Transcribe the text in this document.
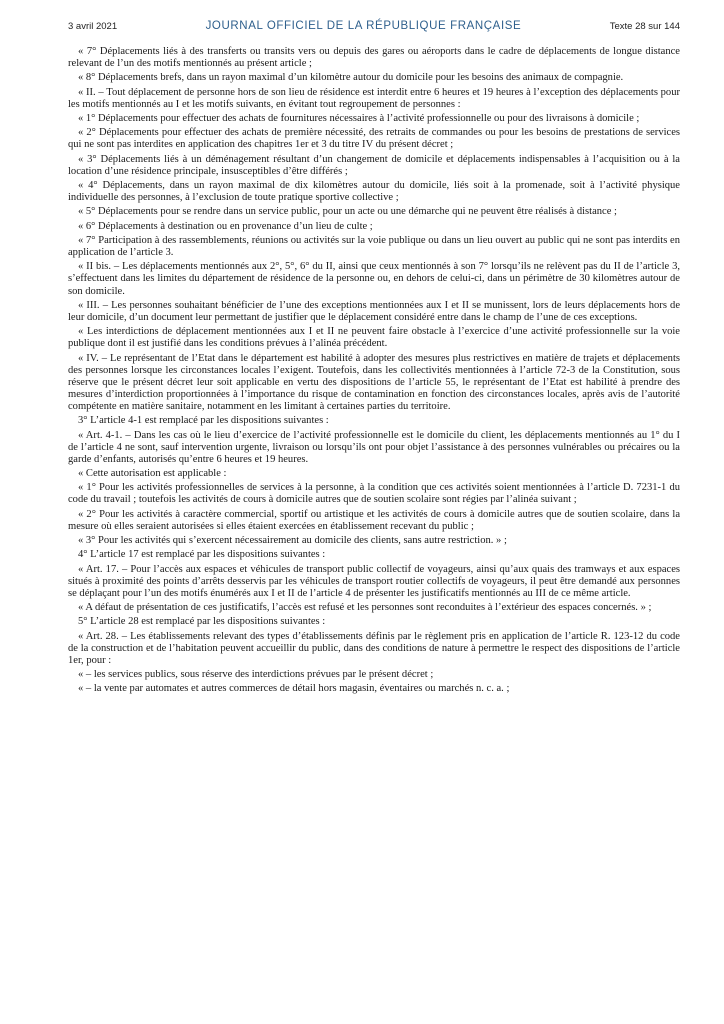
3 avril 2021	JOURNAL OFFICIEL DE LA RÉPUBLIQUE FRANÇAISE	Texte 28 sur 144

« 7° Déplacements liés à des transferts ou transits vers ou depuis des gares ou aéroports dans le cadre de déplacements de longue distance relevant de l’un des motifs mentionnés au présent article ;

« 8° Déplacements brefs, dans un rayon maximal d’un kilomètre autour du domicile pour les besoins des animaux de compagnie.

« II. – Tout déplacement de personne hors de son lieu de résidence est interdit entre 6 heures et 19 heures à l’exception des déplacements pour les motifs mentionnés au I et les motifs suivants, en évitant tout regroupement de personnes :

« 1° Déplacements pour effectuer des achats de fournitures nécessaires à l’activité professionnelle ou pour des livraisons à domicile ;

« 2° Déplacements pour effectuer des achats de première nécessité, des retraits de commandes ou pour les besoins de prestations de services qui ne sont pas interdites en application des chapitres 1er et 3 du titre IV du présent décret ;

« 3° Déplacements liés à un déménagement résultant d’un changement de domicile et déplacements indispensables à l’acquisition ou à la location d’une résidence principale, insusceptibles d’être différés ;

« 4° Déplacements, dans un rayon maximal de dix kilomètres autour du domicile, liés soit à la promenade, soit à l’activité physique individuelle des personnes, à l’exclusion de toute pratique sportive collective ;

« 5° Déplacements pour se rendre dans un service public, pour un acte ou une démarche qui ne peuvent être réalisés à distance ;

« 6° Déplacements à destination ou en provenance d’un lieu de culte ;

« 7° Participation à des rassemblements, réunions ou activités sur la voie publique ou dans un lieu ouvert au public qui ne sont pas interdits en application de l’article 3.

« II bis. – Les déplacements mentionnés aux 2°, 5°, 6° du II, ainsi que ceux mentionnés à son 7° lorsqu’ils ne relèvent pas du II de l’article 3, s’effectuent dans les limites du département de résidence de la personne ou, en dehors de celui-ci, dans un périmètre de 30 kilomètres autour de son domicile.

« III. – Les personnes souhaitant bénéficier de l’une des exceptions mentionnées aux I et II se munissent, lors de leurs déplacements hors de leur domicile, d’un document leur permettant de justifier que le déplacement considéré entre dans le champ de l’une de ces exceptions.

« Les interdictions de déplacement mentionnées aux I et II ne peuvent faire obstacle à l’exercice d’une activité professionnelle sur la voie publique dont il est justifié dans les conditions prévues à l’alinéa précédent.

« IV. – Le représentant de l’Etat dans le département est habilité à adopter des mesures plus restrictives en matière de trajets et déplacements des personnes lorsque les circonstances locales l’exigent. Toutefois, dans les collectivités mentionnées à l’article 72-3 de la Constitution, sous réserve que le présent décret leur soit applicable en vertu des dispositions de l’article 55, le représentant de l’Etat est habilité à prendre des mesures d’interdiction proportionnées à l’importance du risque de contamination en fonction des circonstances locales, après avis de l’autorité compétente en matière sanitaire, notamment en les limitant à certaines parties du territoire.

3° L’article 4-1 est remplacé par les dispositions suivantes :

« Art. 4-1. – Dans les cas où le lieu d’exercice de l’activité professionnelle est le domicile du client, les déplacements mentionnés au 1° du I de l’article 4 ne sont, sauf intervention urgente, livraison ou lorsqu’ils ont pour objet l’assistance à des personnes vulnérables ou précaires ou la garde d’enfants, autorisés qu’entre 6 heures et 19 heures.

« Cette autorisation est applicable :

« 1° Pour les activités professionnelles de services à la personne, à la condition que ces activités soient mentionnées à l’article D. 7231-1 du code du travail ; toutefois les activités de cours à domicile autres que de soutien scolaire sont régies par l’alinéa suivant ;

« 2° Pour les activités à caractère commercial, sportif ou artistique et les activités de cours à domicile autres que de soutien scolaire, dans la mesure où elles seraient autorisées si elles étaient exercées en établissement recevant du public ;

« 3° Pour les activités qui s’exercent nécessairement au domicile des clients, sans autre restriction. » ;

4° L’article 17 est remplacé par les dispositions suivantes :

« Art. 17. – Pour l’accès aux espaces et véhicules de transport public collectif de voyageurs, ainsi qu’aux quais des tramways et aux espaces situés à proximité des points d’arrêts desservis par les véhicules de transport routier collectifs de voyageurs, il peut être demandé aux personnes se déplaçant pour l’un des motifs énumérés aux I et II de l’article 4 de présenter les justificatifs mentionnés au III de ce même article.

« A défaut de présentation de ces justificatifs, l’accès est refusé et les personnes sont reconduites à l’extérieur des espaces concernés. » ;

5° L’article 28 est remplacé par les dispositions suivantes :

« Art. 28. – Les établissements relevant des types d’établissements définis par le règlement pris en application de l’article R. 123-12 du code de la construction et de l’habitation peuvent accueillir du public, dans des conditions de nature à permettre le respect des dispositions de l’article 1er, pour :

« – les services publics, sous réserve des interdictions prévues par le présent décret ;

« – la vente par automates et autres commerces de détail hors magasin, éventaires ou marchés n. c. a. ;
